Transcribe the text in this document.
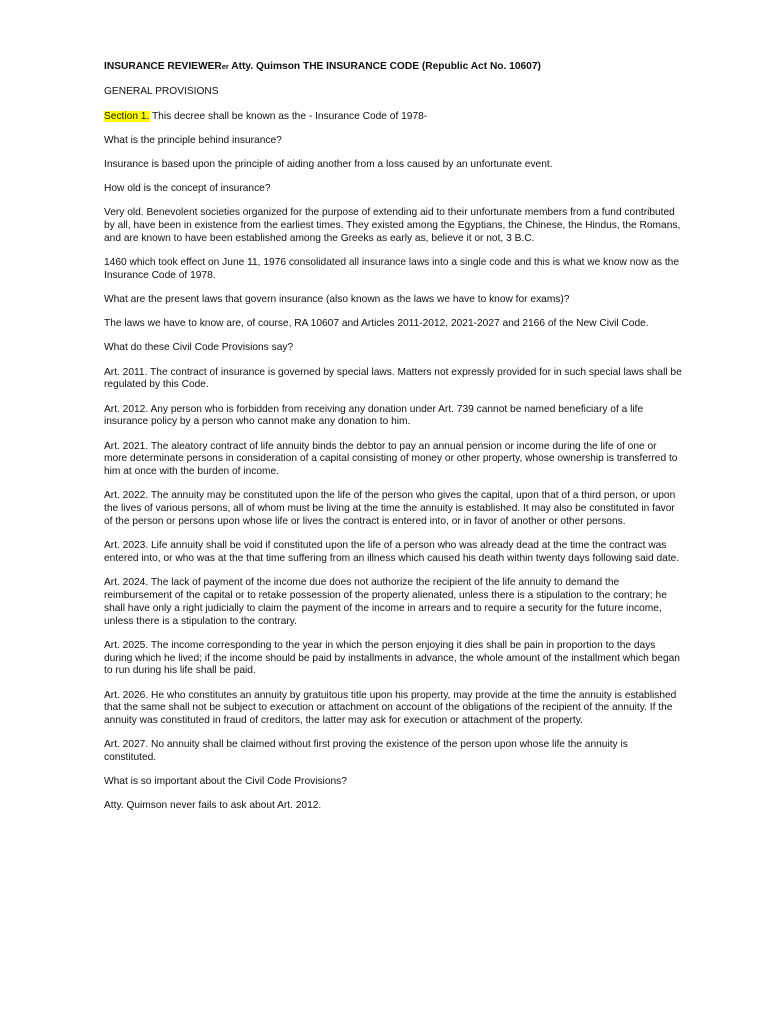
INSURANCE REVIEWERer Atty. Quimson THE INSURANCE CODE (Republic Act No. 10607)

GENERAL PROVISIONS

Section 1. This decree shall be known as the - Insurance Code of 1978-

What is the principle behind insurance?

Insurance is based upon the principle of aiding another from a loss caused by an unfortunate event.

How old is the concept of insurance?

Very old. Benevolent societies organized for the purpose of extending aid to their unfortunate members from a fund contributed by all, have been in existence from the earliest times. They existed among the Egyptians, the Chinese, the Hindus, the Romans, and are known to have been established among the Greeks as early as, believe it or not, 3 B.C.

1460 which took effect on June 11, 1976 consolidated all insurance laws into a single code and this is what we know now as the Insurance Code of 1978.

What are the present laws that govern insurance (also known as the laws we have to know for exams)?

The laws we have to know are, of course, RA 10607 and Articles 2011-2012, 2021-2027 and 2166 of the New Civil Code.

What do these Civil Code Provisions say?

Art. 2011. The contract of insurance is governed by special laws. Matters not expressly provided for in such special laws shall be regulated by this Code.

Art. 2012. Any person who is forbidden from receiving any donation under Art. 739 cannot be named beneficiary of a life insurance policy by a person who cannot make any donation to him.

Art. 2021. The aleatory contract of life annuity binds the debtor to pay an annual pension or income during the life of one or more determinate persons in consideration of a capital consisting of money or other property, whose ownership is transferred to him at once with the burden of income.

Art. 2022. The annuity may be constituted upon the life of the person who gives the capital, upon that of a third person, or upon the lives of various persons, all of whom must be living at the time the annuity is established. It may also be constituted in favor of the person or persons upon whose life or lives the contract is entered into, or in favor of another or other persons.

Art. 2023. Life annuity shall be void if constituted upon the life of a person who was already dead at the time the contract was entered into, or who was at the that time suffering from an illness which caused his death within twenty days following said date.

Art. 2024. The lack of payment of the income due does not authorize the recipient of the life annuity to demand the reimbursement of the capital or to retake possession of the property alienated, unless there is a stipulation to the contrary; he shall have only a right judicially to claim the payment of the income in arrears and to require a security for the future income, unless there is a stipulation to the contrary.

Art. 2025. The income corresponding to the year in which the person enjoying it dies shall be pain in proportion to the days during which he lived; if the income should be paid by installments in advance, the whole amount of the installment which began to run during his life shall be paid.

Art. 2026. He who constitutes an annuity by gratuitous title upon his property, may provide at the time the annuity is established that the same shall not be subject to execution or attachment on account of the obligations of the recipient of the annuity. If the annuity was constituted in fraud of creditors, the latter may ask for execution or attachment of the property.

Art. 2027. No annuity shall be claimed without first proving the existence of the person upon whose life the annuity is constituted.

What is so important about the Civil Code Provisions?

Atty. Quimson never fails to ask about Art. 2012.
